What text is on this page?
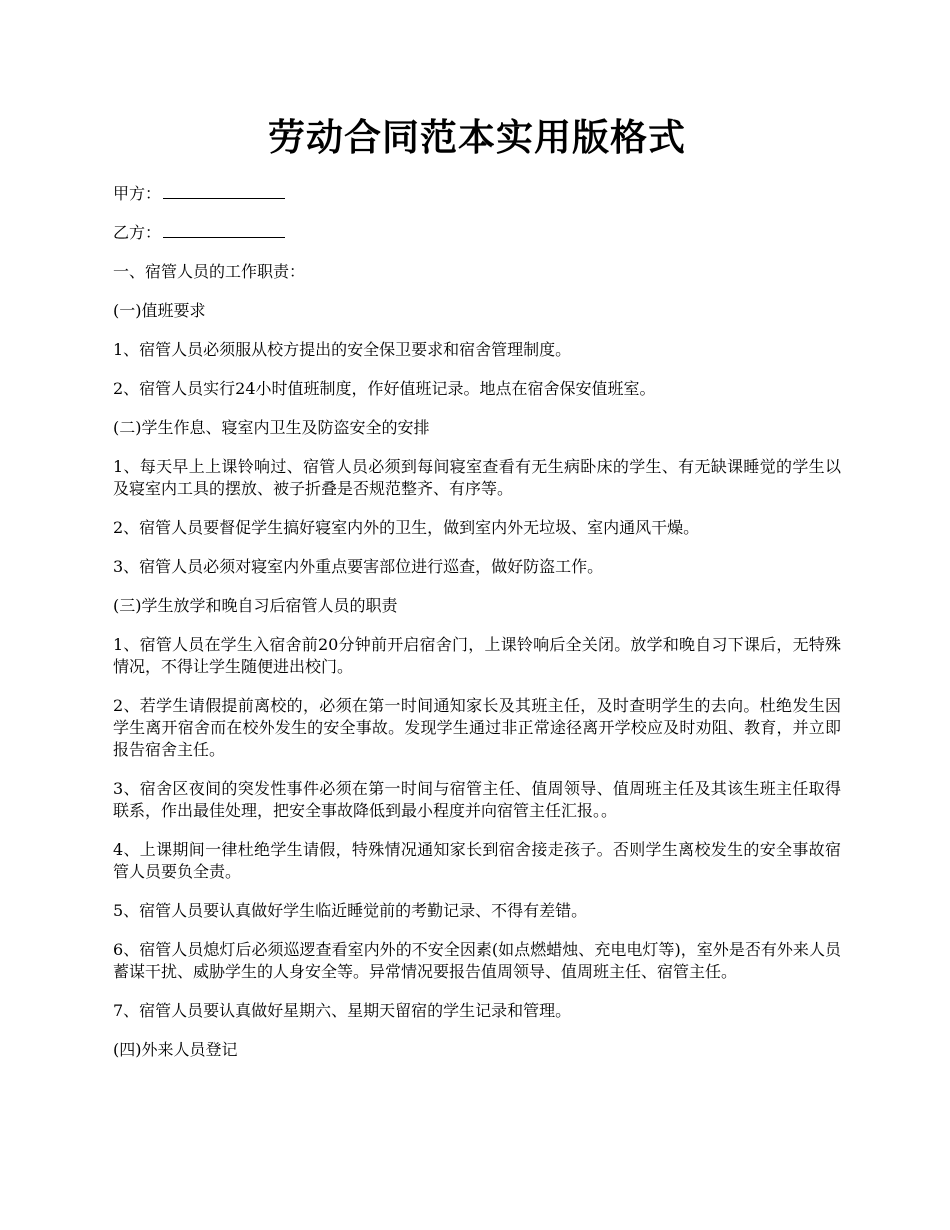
劳动合同范本实用版格式

甲方：

乙方：

一、宿管人员的工作职责：

(一)值班要求

1、宿管人员必须服从校方提出的安全保卫要求和宿舍管理制度。

2、宿管人员实行24小时值班制度，作好值班记录。地点在宿舍保安值班室。

(二)学生作息、寝室内卫生及防盗安全的安排

1、每天早上上课铃响过、宿管人员必须到每间寝室查看有无生病卧床的学生、有无缺课睡觉的学生以及寝室内工具的摆放、被子折叠是否规范整齐、有序等。

2、宿管人员要督促学生搞好寝室内外的卫生，做到室内外无垃圾、室内通风干燥。

3、宿管人员必须对寝室内外重点要害部位进行巡查，做好防盗工作。

(三)学生放学和晚自习后宿管人员的职责

1、宿管人员在学生入宿舍前20分钟前开启宿舍门，上课铃响后全关闭。放学和晚自习下课后，无特殊情况，不得让学生随便进出校门。

2、若学生请假提前离校的，必须在第一时间通知家长及其班主任，及时查明学生的去向。杜绝发生因学生离开宿舍而在校外发生的安全事故。发现学生通过非正常途径离开学校应及时劝阻、教育，并立即报告宿舍主任。

3、宿舍区夜间的突发性事件必须在第一时间与宿管主任、值周领导、值周班主任及其该生班主任取得联系，作出最佳处理，把安全事故降低到最小程度并向宿管主任汇报。。

4、上课期间一律杜绝学生请假，特殊情况通知家长到宿舍接走孩子。否则学生离校发生的安全事故宿管人员要负全责。

5、宿管人员要认真做好学生临近睡觉前的考勤记录、不得有差错。

6、宿管人员熄灯后必须巡逻查看室内外的不安全因素(如点燃蜡烛、充电电灯等)，室外是否有外来人员蓄谋干扰、威胁学生的人身安全等。异常情况要报告值周领导、值周班主任、宿管主任。

7、宿管人员要认真做好星期六、星期天留宿的学生记录和管理。

(四)外来人员登记
